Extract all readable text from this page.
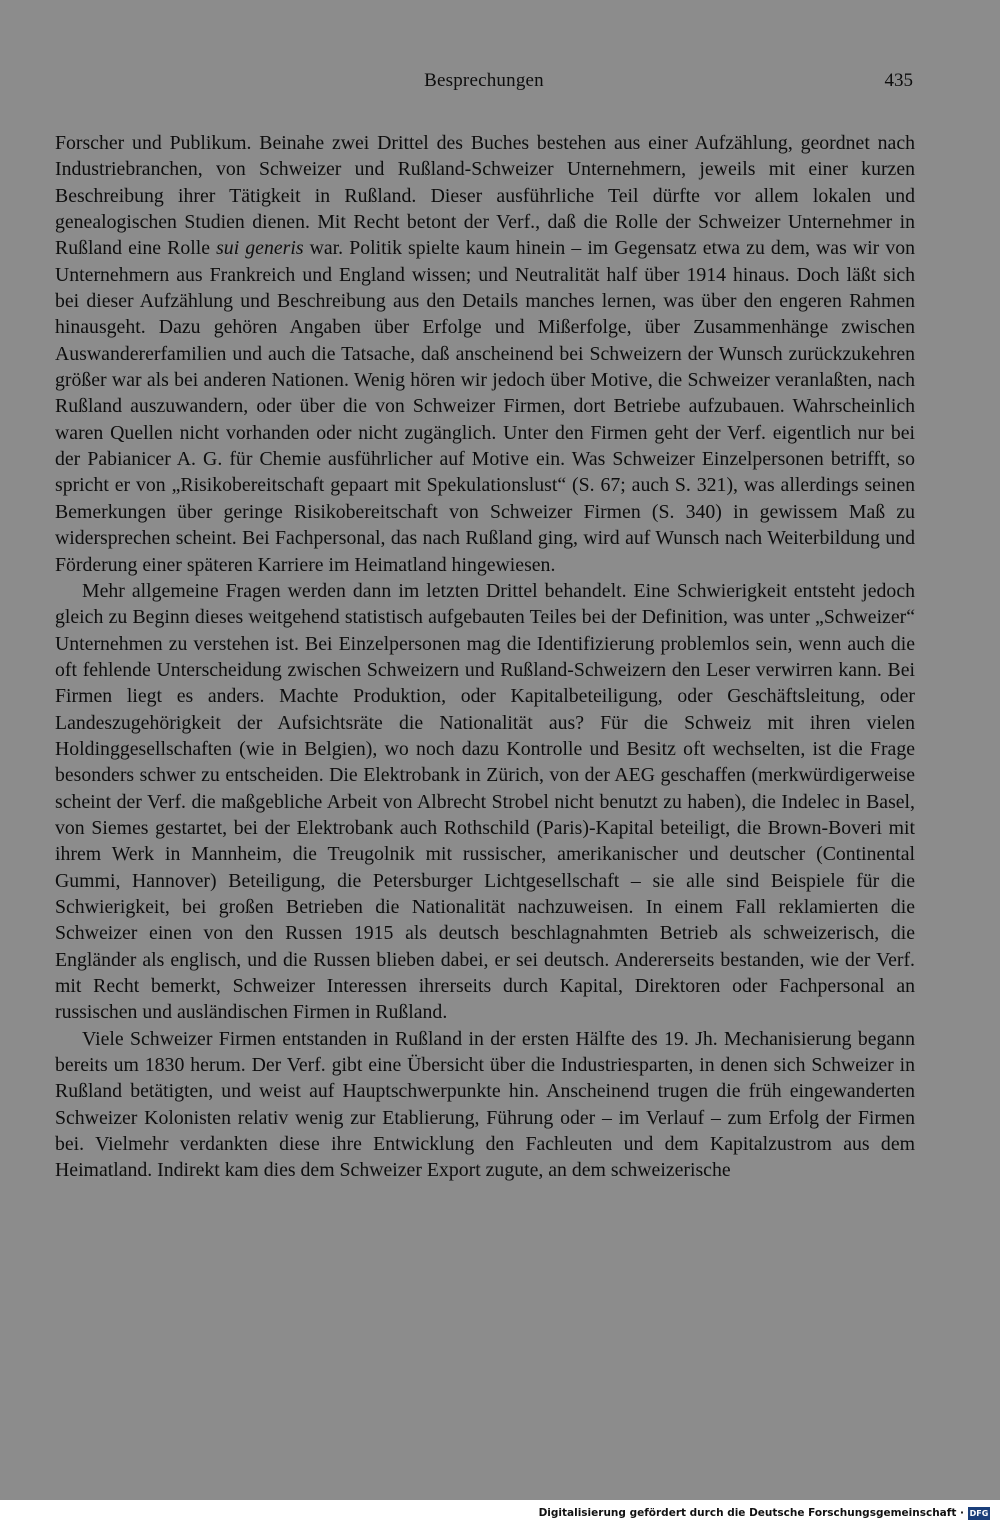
Besprechungen	435

Forscher und Publikum. Beinahe zwei Drittel des Buches bestehen aus einer Aufzählung, geordnet nach Industriebranchen, von Schweizer und Rußland-Schweizer Unternehmern, jeweils mit einer kurzen Beschreibung ihrer Tätigkeit in Rußland. Dieser ausführliche Teil dürfte vor allem lokalen und genealogischen Studien dienen. Mit Recht betont der Verf., daß die Rolle der Schweizer Unternehmer in Rußland eine Rolle sui generis war. Politik spielte kaum hinein – im Gegensatz etwa zu dem, was wir von Unternehmern aus Frankreich und England wissen; und Neutralität half über 1914 hinaus. Doch läßt sich bei dieser Aufzählung und Beschreibung aus den Details manches lernen, was über den engeren Rahmen hinausgeht. Dazu gehören Angaben über Erfolge und Mißerfolge, über Zusammenhänge zwischen Auswandererfamilien und auch die Tatsache, daß anscheinend bei Schweizern der Wunsch zurückzukehren größer war als bei anderen Nationen. Wenig hören wir jedoch über Motive, die Schweizer veranlaßten, nach Rußland auszuwandern, oder über die von Schweizer Firmen, dort Betriebe aufzubauen. Wahrscheinlich waren Quellen nicht vorhanden oder nicht zugänglich. Unter den Firmen geht der Verf. eigentlich nur bei der Pabianicer A. G. für Chemie ausführlicher auf Motive ein. Was Schweizer Einzelpersonen betrifft, so spricht er von „Risikobereitschaft gepaart mit Spekulationslust“ (S. 67; auch S. 321), was allerdings seinen Bemerkungen über geringe Risikobereitschaft von Schweizer Firmen (S. 340) in gewissem Maß zu widersprechen scheint. Bei Fachpersonal, das nach Rußland ging, wird auf Wunsch nach Weiterbildung und Förderung einer späteren Karriere im Heimatland hingewiesen.

Mehr allgemeine Fragen werden dann im letzten Drittel behandelt. Eine Schwierigkeit entsteht jedoch gleich zu Beginn dieses weitgehend statistisch aufgebauten Teiles bei der Definition, was unter „Schweizer“ Unternehmen zu verstehen ist. Bei Einzelpersonen mag die Identifizierung problemlos sein, wenn auch die oft fehlende Unterscheidung zwischen Schweizern und Rußland-Schweizern den Leser verwirren kann. Bei Firmen liegt es anders. Machte Produktion, oder Kapitalbeteiligung, oder Geschäftsleitung, oder Landeszugehörigkeit der Aufsichtsräte die Nationalität aus? Für die Schweiz mit ihren vielen Holdinggesellschaften (wie in Belgien), wo noch dazu Kontrolle und Besitz oft wechselten, ist die Frage besonders schwer zu entscheiden. Die Elektrobank in Zürich, von der AEG geschaffen (merkwürdigerweise scheint der Verf. die maßgebliche Arbeit von Albrecht Strobel nicht benutzt zu haben), die Indelec in Basel, von Siemes gestartet, bei der Elektrobank auch Rothschild (Paris)-Kapital beteiligt, die Brown-Boveri mit ihrem Werk in Mannheim, die Treugolnik mit russischer, amerikanischer und deutscher (Continental Gummi, Hannover) Beteiligung, die Petersburger Lichtgesellschaft – sie alle sind Beispiele für die Schwierigkeit, bei großen Betrieben die Nationalität nachzuweisen. In einem Fall reklamierten die Schweizer einen von den Russen 1915 als deutsch beschlagnahmten Betrieb als schweizerisch, die Engländer als englisch, und die Russen blieben dabei, er sei deutsch. Andererseits bestanden, wie der Verf. mit Recht bemerkt, Schweizer Interessen ihrerseits durch Kapital, Direktoren oder Fachpersonal an russischen und ausländischen Firmen in Rußland.

Viele Schweizer Firmen entstanden in Rußland in der ersten Hälfte des 19. Jh. Mechanisierung begann bereits um 1830 herum. Der Verf. gibt eine Übersicht über die Industriesparten, in denen sich Schweizer in Rußland betätigten, und weist auf Hauptschwerpunkte hin. Anscheinend trugen die früh eingewanderten Schweizer Kolonisten relativ wenig zur Etablierung, Führung oder – im Verlauf – zum Erfolg der Firmen bei. Vielmehr verdankten diese ihre Entwicklung den Fachleuten und dem Kapitalzustrom aus dem Heimatland. Indirekt kam dies dem Schweizer Export zugute, an dem schweizerische

Digitalisierung gefördert durch die Deutsche Forschungsgemeinschaft · DFG
